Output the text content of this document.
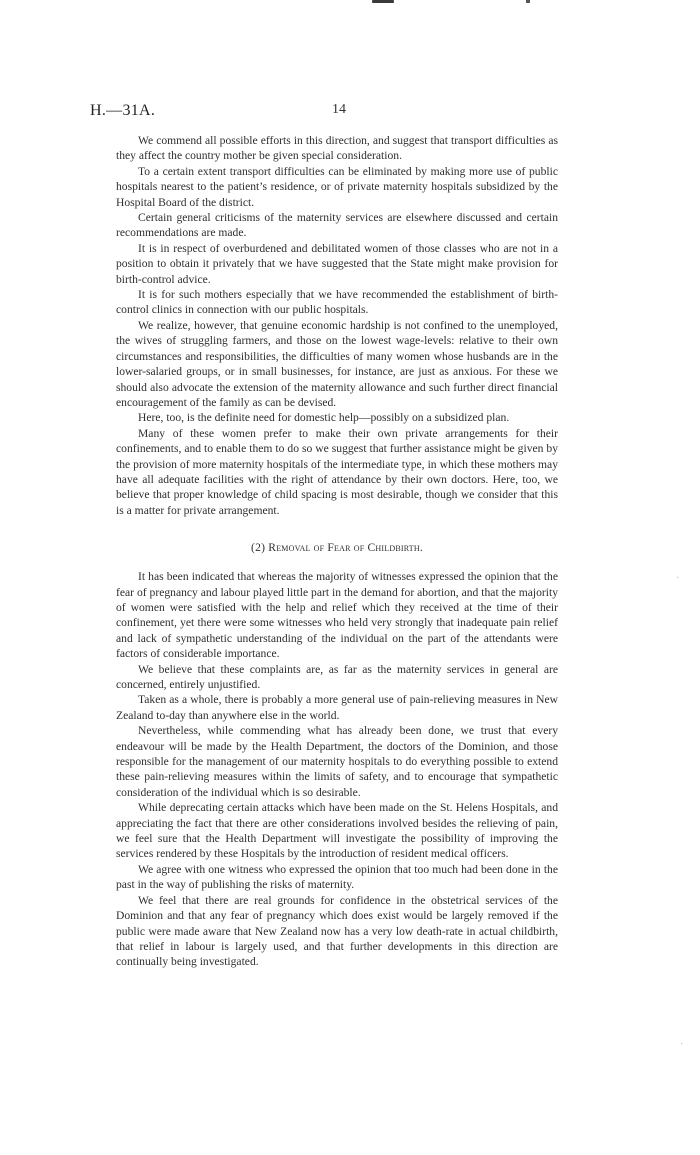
H.—31A.	14

We commend all possible efforts in this direction, and suggest that transport difficulties as they affect the country mother be given special consideration.

To a certain extent transport difficulties can be eliminated by making more use of public hospitals nearest to the patient’s residence, or of private maternity hospitals subsidized by the Hospital Board of the district.

Certain general criticisms of the maternity services are elsewhere discussed and certain recommendations are made.

It is in respect of overburdened and debilitated women of those classes who are not in a position to obtain it privately that we have suggested that the State might make provision for birth-control advice.

It is for such mothers especially that we have recommended the establishment of birth-control clinics in connection with our public hospitals.

We realize, however, that genuine economic hardship is not confined to the unemployed, the wives of struggling farmers, and those on the lowest wage-levels: relative to their own circumstances and responsibilities, the difficulties of many women whose husbands are in the lower-salaried groups, or in small businesses, for instance, are just as anxious. For these we should also advocate the extension of the maternity allowance and such further direct financial encouragement of the family as can be devised.

Here, too, is the definite need for domestic help—possibly on a subsidized plan.

Many of these women prefer to make their own private arrangements for their confinements, and to enable them to do so we suggest that further assistance might be given by the provision of more maternity hospitals of the intermediate type, in which these mothers may have all adequate facilities with the right of attendance by their own doctors. Here, too, we believe that proper knowledge of child spacing is most desirable, though we consider that this is a matter for private arrangement.

(2) Removal of Fear of Childbirth.

It has been indicated that whereas the majority of witnesses expressed the opinion that the fear of pregnancy and labour played little part in the demand for abortion, and that the majority of women were satisfied with the help and relief which they received at the time of their confinement, yet there were some witnesses who held very strongly that inadequate pain relief and lack of sympathetic understanding of the individual on the part of the attendants were factors of considerable importance.

We believe that these complaints are, as far as the maternity services in general are concerned, entirely unjustified.

Taken as a whole, there is probably a more general use of pain-relieving measures in New Zealand to-day than anywhere else in the world.

Nevertheless, while commending what has already been done, we trust that every endeavour will be made by the Health Department, the doctors of the Dominion, and those responsible for the management of our maternity hospitals to do everything possible to extend these pain-relieving measures within the limits of safety, and to encourage that sympathetic consideration of the individual which is so desirable.

While deprecating certain attacks which have been made on the St. Helens Hospitals, and appreciating the fact that there are other considerations involved besides the relieving of pain, we feel sure that the Health Department will investigate the possibility of improving the services rendered by these Hospitals by the introduction of resident medical officers.

We agree with one witness who expressed the opinion that too much had been done in the past in the way of publishing the risks of maternity.

We feel that there are real grounds for confidence in the obstetrical services of the Dominion and that any fear of pregnancy which does exist would be largely removed if the public were made aware that New Zealand now has a very low death-rate in actual childbirth, that relief in labour is largely used, and that further developments in this direction are continually being investigated.

·
·
